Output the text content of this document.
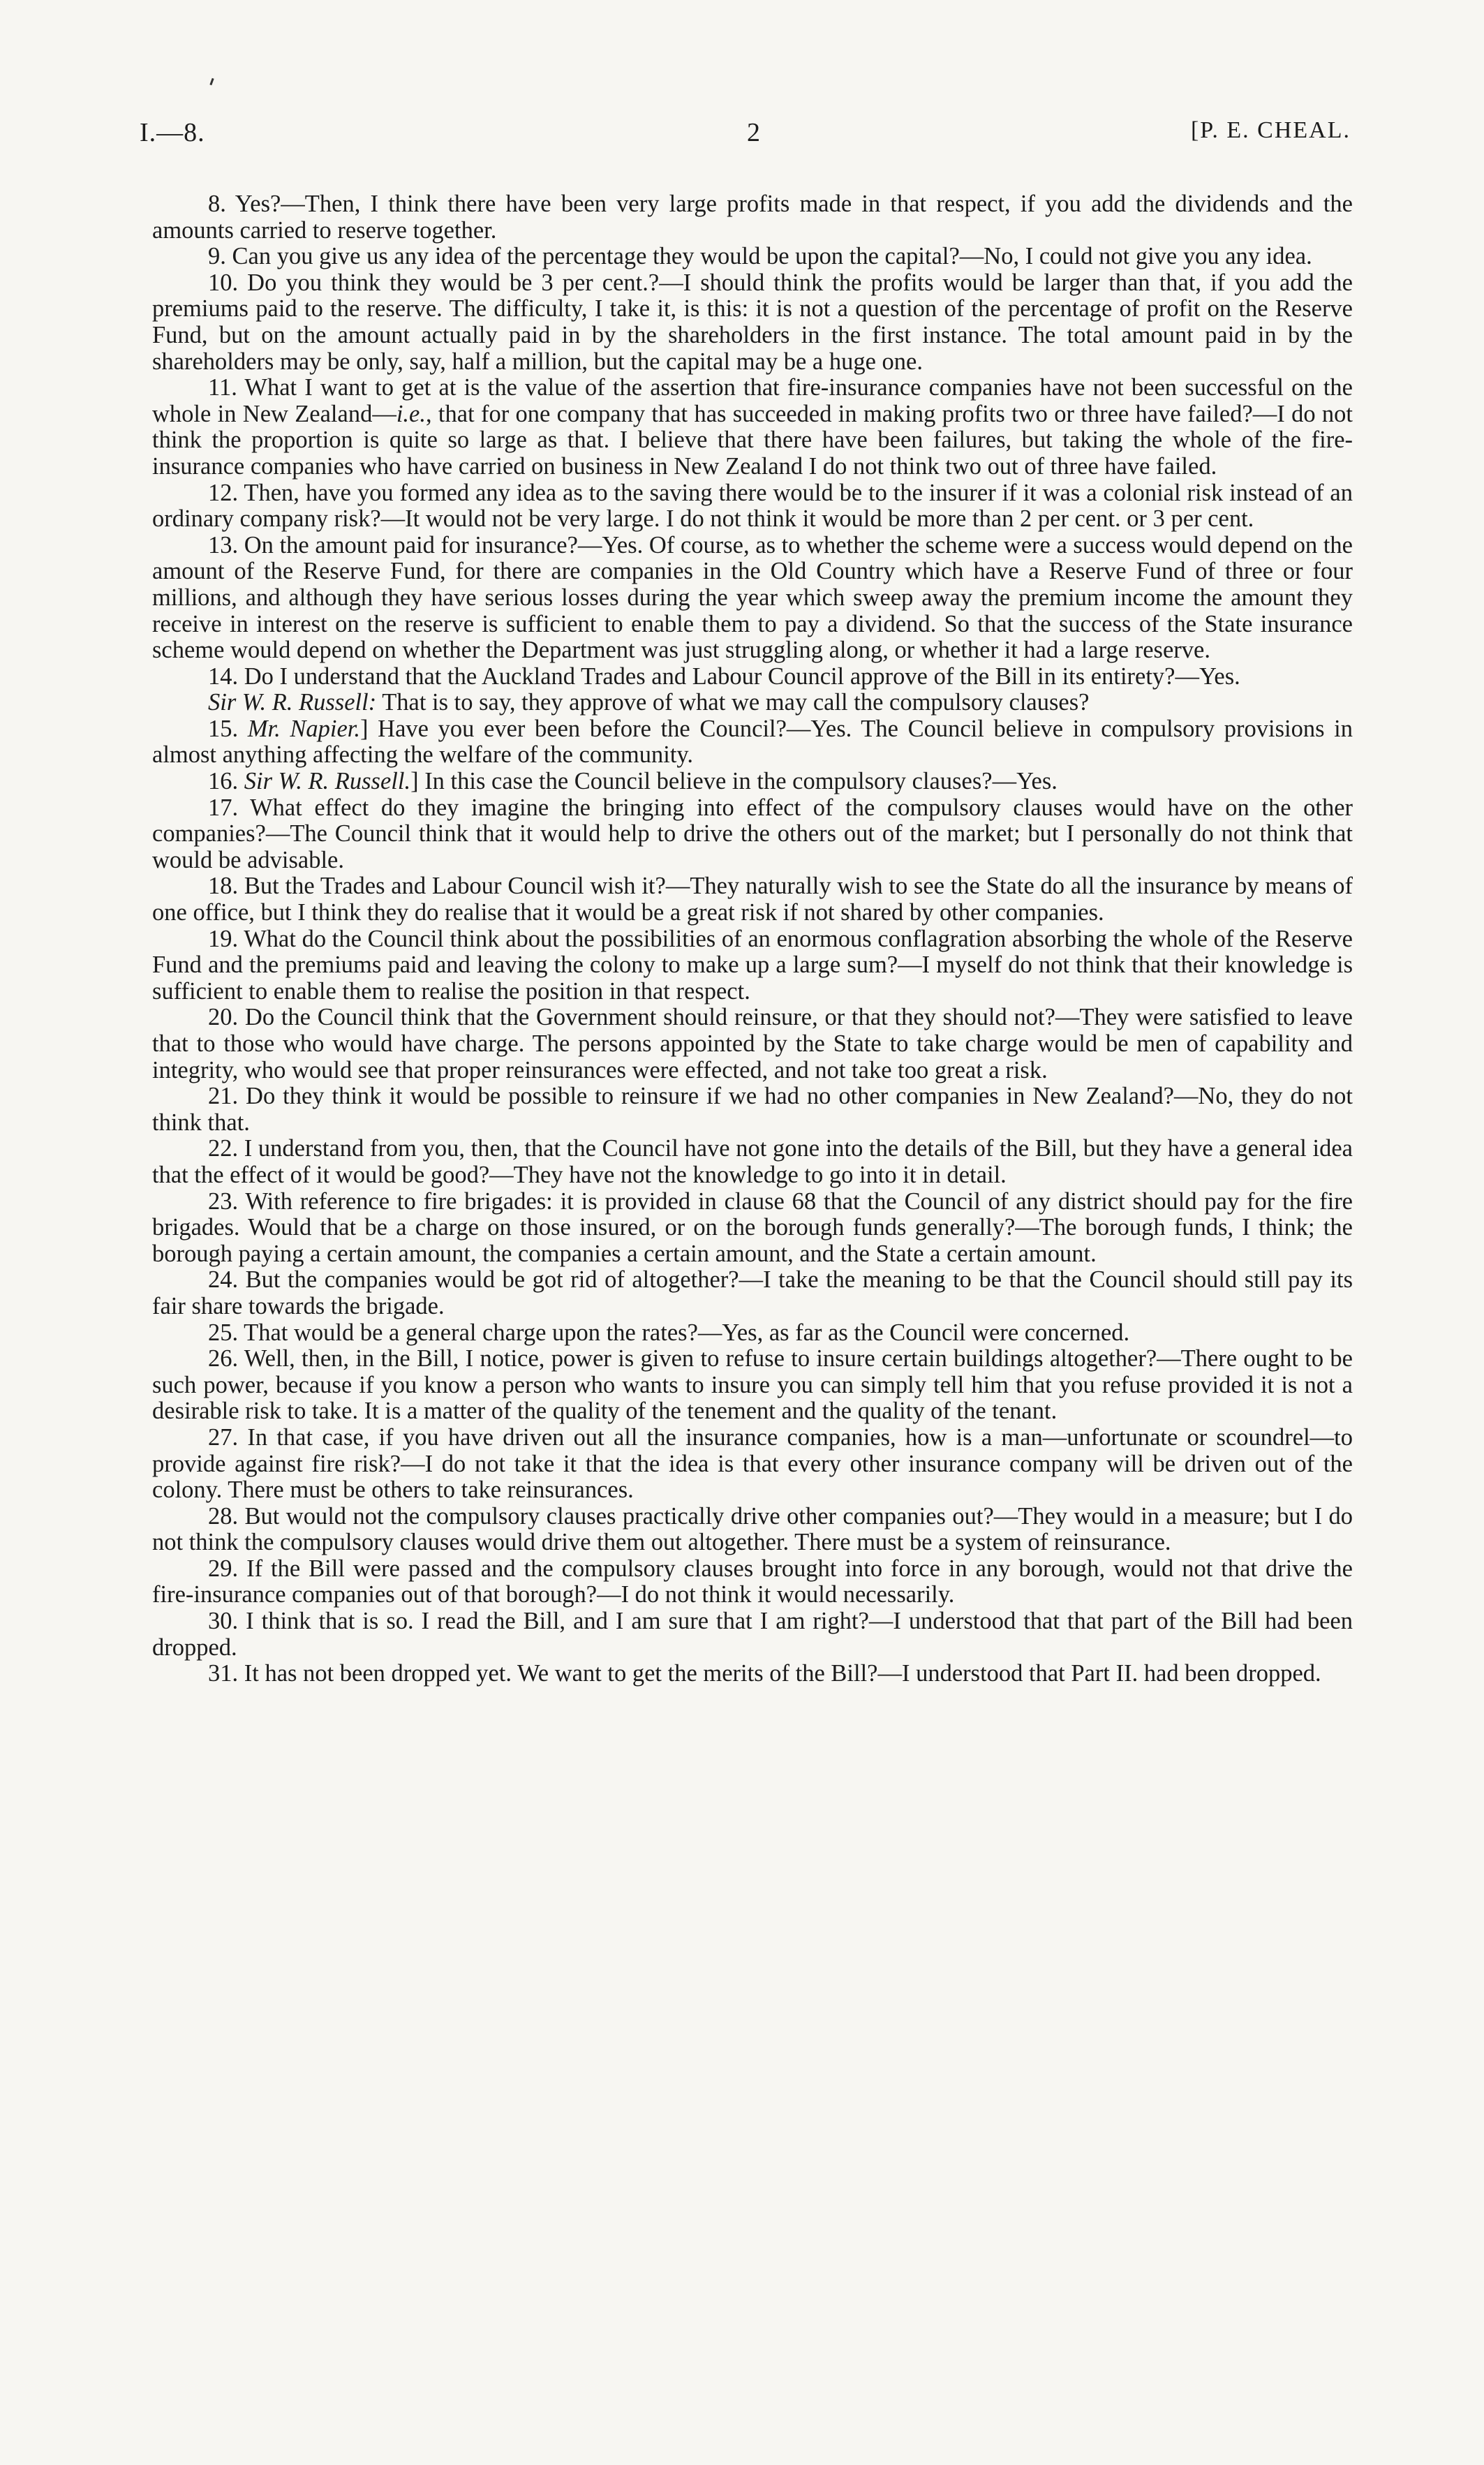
I.—8.	2	[P. E. CHEAL.

8. Yes?—Then, I think there have been very large profits made in that respect, if you add the dividends and the amounts carried to reserve together.

9. Can you give us any idea of the percentage they would be upon the capital?—No, I could not give you any idea.

10. Do you think they would be 3 per cent.?—I should think the profits would be larger than that, if you add the premiums paid to the reserve. The difficulty, I take it, is this: it is not a question of the percentage of profit on the Reserve Fund, but on the amount actually paid in by the shareholders in the first instance. The total amount paid in by the shareholders may be only, say, half a million, but the capital may be a huge one.

11. What I want to get at is the value of the assertion that fire-insurance companies have not been successful on the whole in New Zealand—i.e., that for one company that has succeeded in making profits two or three have failed?—I do not think the proportion is quite so large as that. I believe that there have been failures, but taking the whole of the fire-insurance companies who have carried on business in New Zealand I do not think two out of three have failed.

12. Then, have you formed any idea as to the saving there would be to the insurer if it was a colonial risk instead of an ordinary company risk?—It would not be very large. I do not think it would be more than 2 per cent. or 3 per cent.

13. On the amount paid for insurance?—Yes. Of course, as to whether the scheme were a success would depend on the amount of the Reserve Fund, for there are companies in the Old Country which have a Reserve Fund of three or four millions, and although they have serious losses during the year which sweep away the premium income the amount they receive in interest on the reserve is sufficient to enable them to pay a dividend. So that the success of the State insurance scheme would depend on whether the Department was just struggling along, or whether it had a large reserve.

14. Do I understand that the Auckland Trades and Labour Council approve of the Bill in its entirety?—Yes.

Sir W. R. Russell: That is to say, they approve of what we may call the compulsory clauses?

15. Mr. Napier.] Have you ever been before the Council?—Yes. The Council believe in compulsory provisions in almost anything affecting the welfare of the community.

16. Sir W. R. Russell.] In this case the Council believe in the compulsory clauses?—Yes.

17. What effect do they imagine the bringing into effect of the compulsory clauses would have on the other companies?—The Council think that it would help to drive the others out of the market; but I personally do not think that would be advisable.

18. But the Trades and Labour Council wish it?—They naturally wish to see the State do all the insurance by means of one office, but I think they do realise that it would be a great risk if not shared by other companies.

19. What do the Council think about the possibilities of an enormous conflagration absorbing the whole of the Reserve Fund and the premiums paid and leaving the colony to make up a large sum?—I myself do not think that their knowledge is sufficient to enable them to realise the position in that respect.

20. Do the Council think that the Government should reinsure, or that they should not?—They were satisfied to leave that to those who would have charge. The persons appointed by the State to take charge would be men of capability and integrity, who would see that proper reinsurances were effected, and not take too great a risk.

21. Do they think it would be possible to reinsure if we had no other companies in New Zealand?—No, they do not think that.

22. I understand from you, then, that the Council have not gone into the details of the Bill, but they have a general idea that the effect of it would be good?—They have not the knowledge to go into it in detail.

23. With reference to fire brigades: it is provided in clause 68 that the Council of any district should pay for the fire brigades. Would that be a charge on those insured, or on the borough funds generally?—The borough funds, I think; the borough paying a certain amount, the companies a certain amount, and the State a certain amount.

24. But the companies would be got rid of altogether?—I take the meaning to be that the Council should still pay its fair share towards the brigade.

25. That would be a general charge upon the rates?—Yes, as far as the Council were concerned.

26. Well, then, in the Bill, I notice, power is given to refuse to insure certain buildings altogether?—There ought to be such power, because if you know a person who wants to insure you can simply tell him that you refuse provided it is not a desirable risk to take. It is a matter of the quality of the tenement and the quality of the tenant.

27. In that case, if you have driven out all the insurance companies, how is a man—unfortunate or scoundrel—to provide against fire risk?—I do not take it that the idea is that every other insurance company will be driven out of the colony. There must be others to take reinsurances.

28. But would not the compulsory clauses practically drive other companies out?—They would in a measure; but I do not think the compulsory clauses would drive them out altogether. There must be a system of reinsurance.

29. If the Bill were passed and the compulsory clauses brought into force in any borough, would not that drive the fire-insurance companies out of that borough?—I do not think it would necessarily.

30. I think that is so. I read the Bill, and I am sure that I am right?—I understood that that part of the Bill had been dropped.

31. It has not been dropped yet. We want to get the merits of the Bill?—I understood that Part II. had been dropped.
